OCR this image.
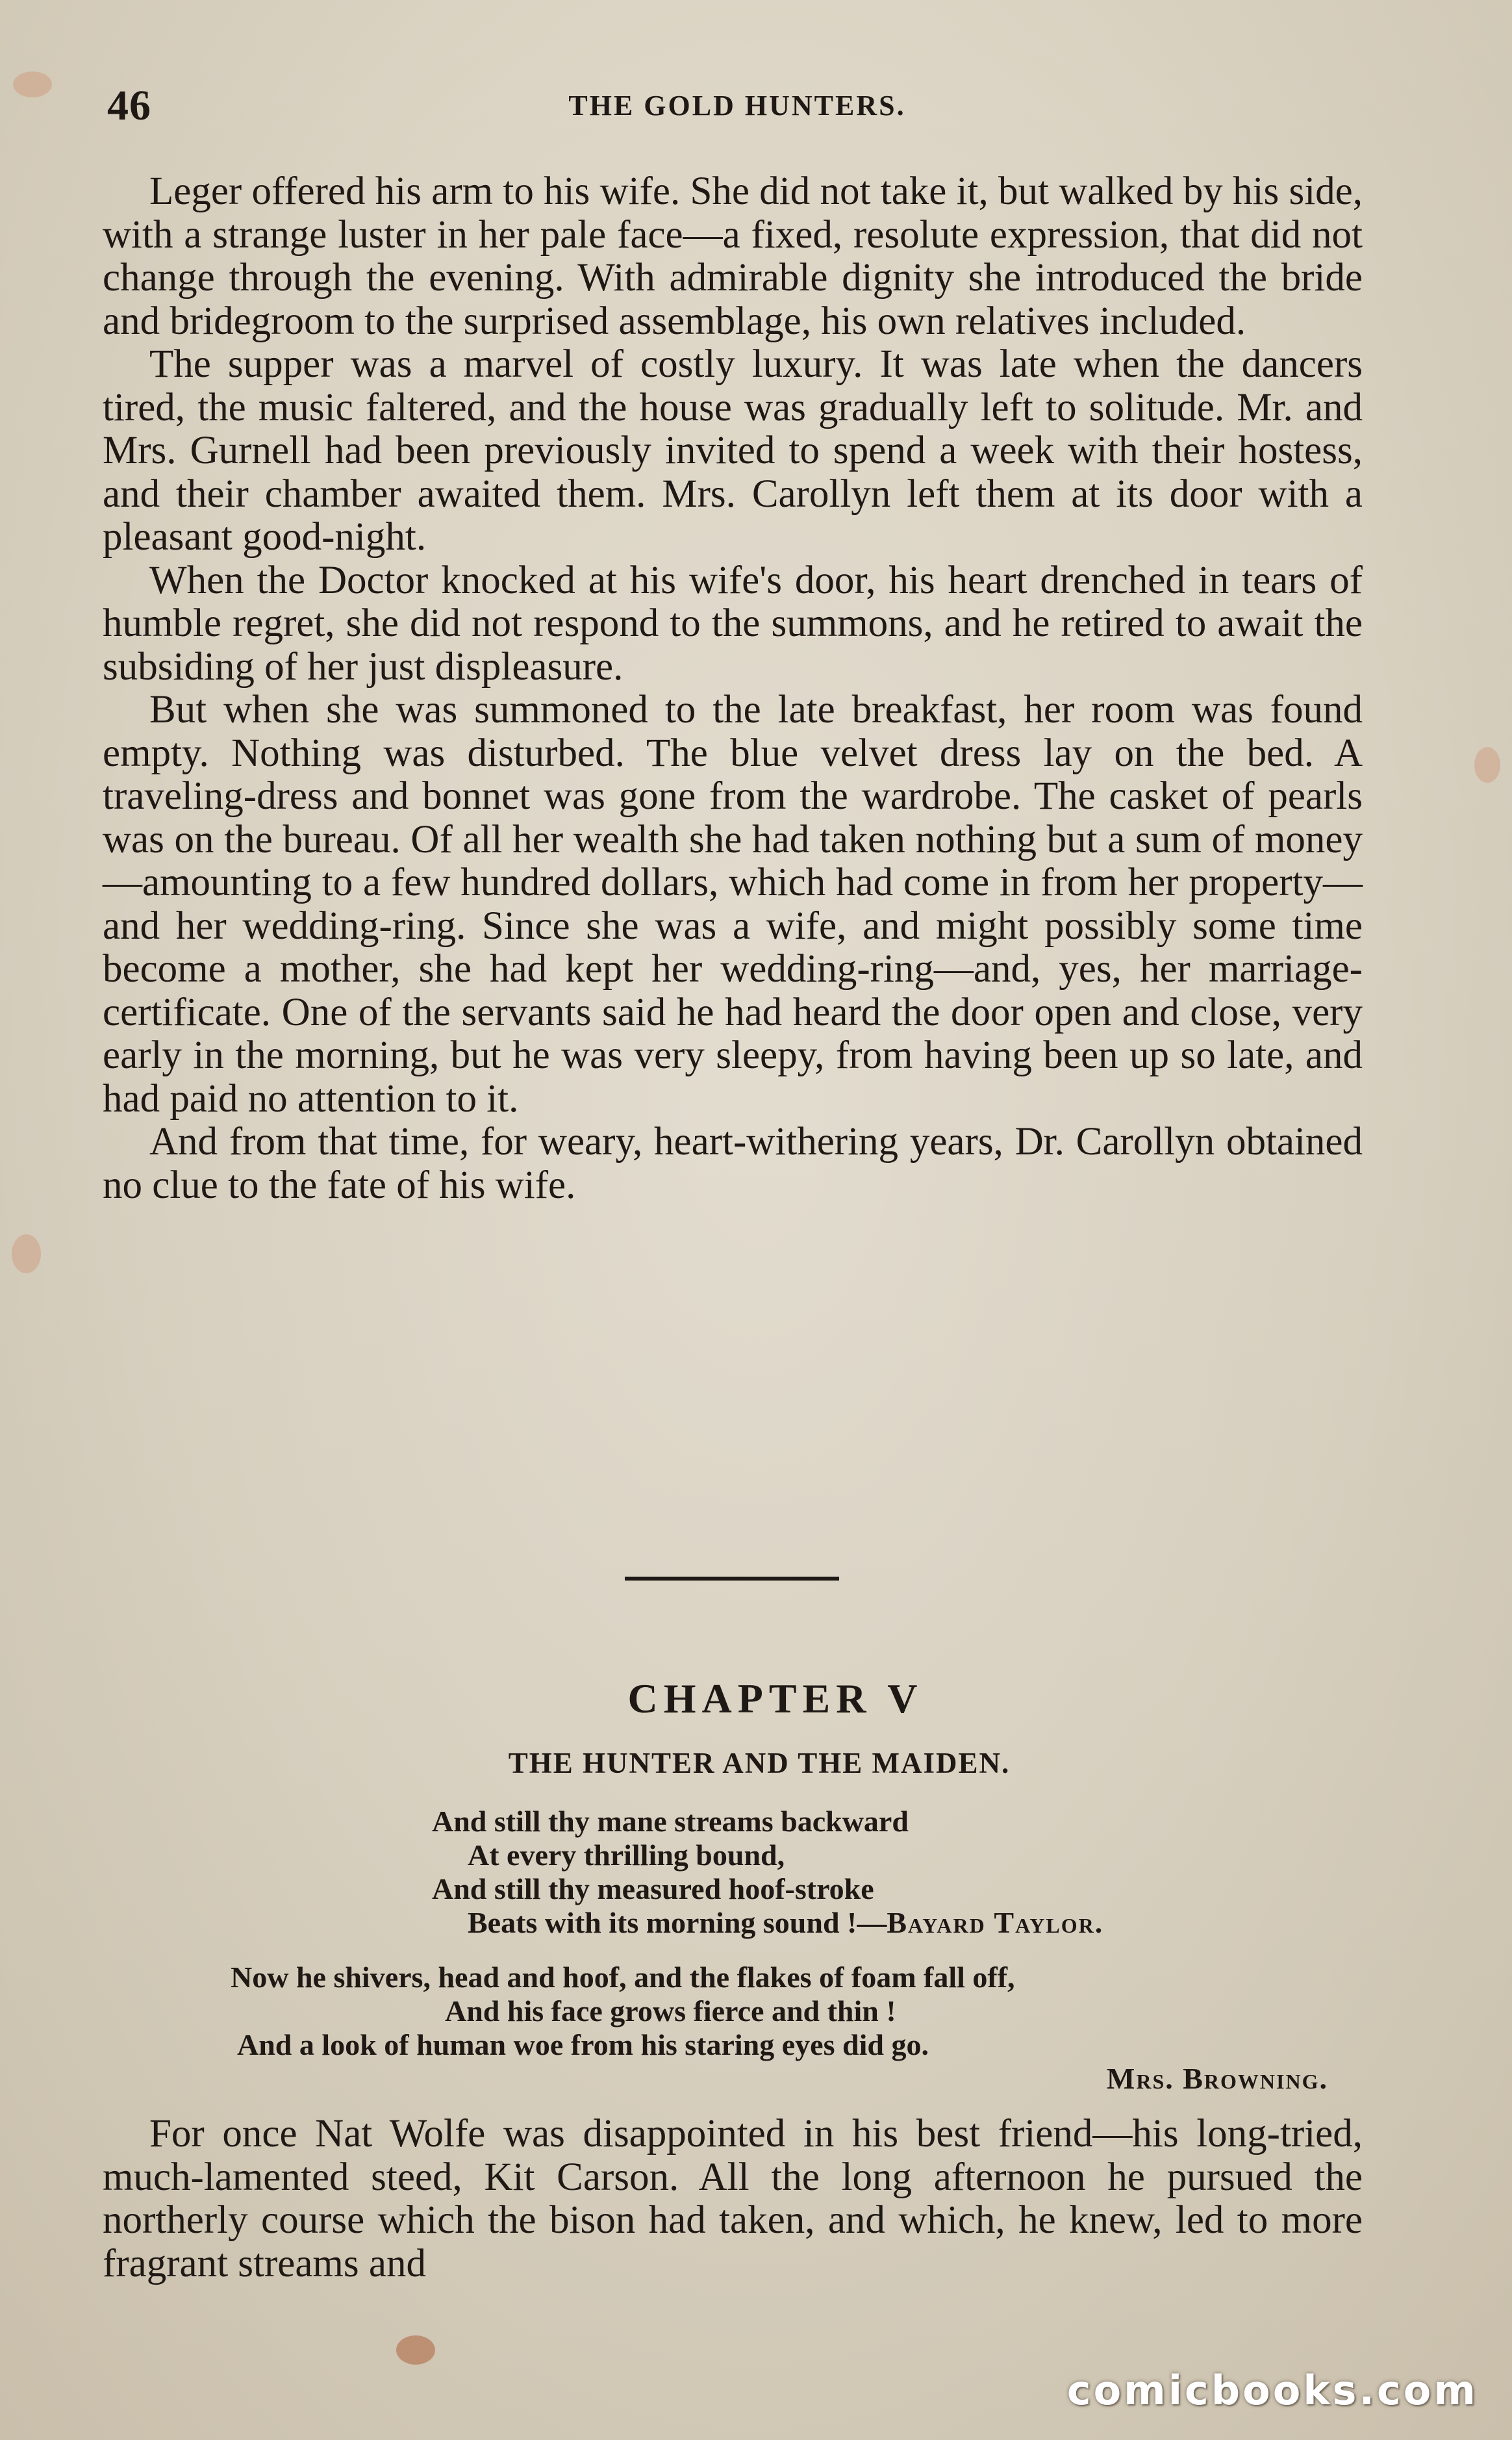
46	THE GOLD HUNTERS.

Leger offered his arm to his wife. She did not take it, but walked by his side, with a strange luster in her pale face—a fixed, resolute expression, that did not change through the evening. With admirable dignity she introduced the bride and bridegroom to the surprised assemblage, his own relatives included.

The supper was a marvel of costly luxury. It was late when the dancers tired, the music faltered, and the house was gradually left to solitude. Mr. and Mrs. Gurnell had been previously invited to spend a week with their hostess, and their chamber awaited them. Mrs. Carollyn left them at its door with a pleasant good-night.

When the Doctor knocked at his wife's door, his heart drenched in tears of humble regret, she did not respond to the summons, and he retired to await the subsiding of her just displeasure.

But when she was summoned to the late breakfast, her room was found empty. Nothing was disturbed. The blue velvet dress lay on the bed. A traveling-dress and bonnet was gone from the wardrobe. The casket of pearls was on the bureau. Of all her wealth she had taken nothing but a sum of money—amounting to a few hundred dollars, which had come in from her property—and her wedding-ring. Since she was a wife, and might possibly some time become a mother, she had kept her wedding-ring—and, yes, her marriage-certificate. One of the servants said he had heard the door open and close, very early in the morning, but he was very sleepy, from having been up so late, and had paid no attention to it.

And from that time, for weary, heart-withering years, Dr. Carollyn obtained no clue to the fate of his wife.

CHAPTER V
THE HUNTER AND THE MAIDEN.
And still thy mane streams backward
At every thrilling bound,
And still thy measured hoof-stroke
Beats with its morning sound !—Bayard Taylor.
Now he shivers, head and hoof, and the flakes of foam fall off,
And his face grows fierce and thin !
And a look of human woe from his staring eyes did go.
Mrs. Browning.

For once Nat Wolfe was disappointed in his best friend—his long-tried, much-lamented steed, Kit Carson. All the long afternoon he pursued the northerly course which the bison had taken, and which, he knew, led to more fragrant streams and

comicbooks.com
